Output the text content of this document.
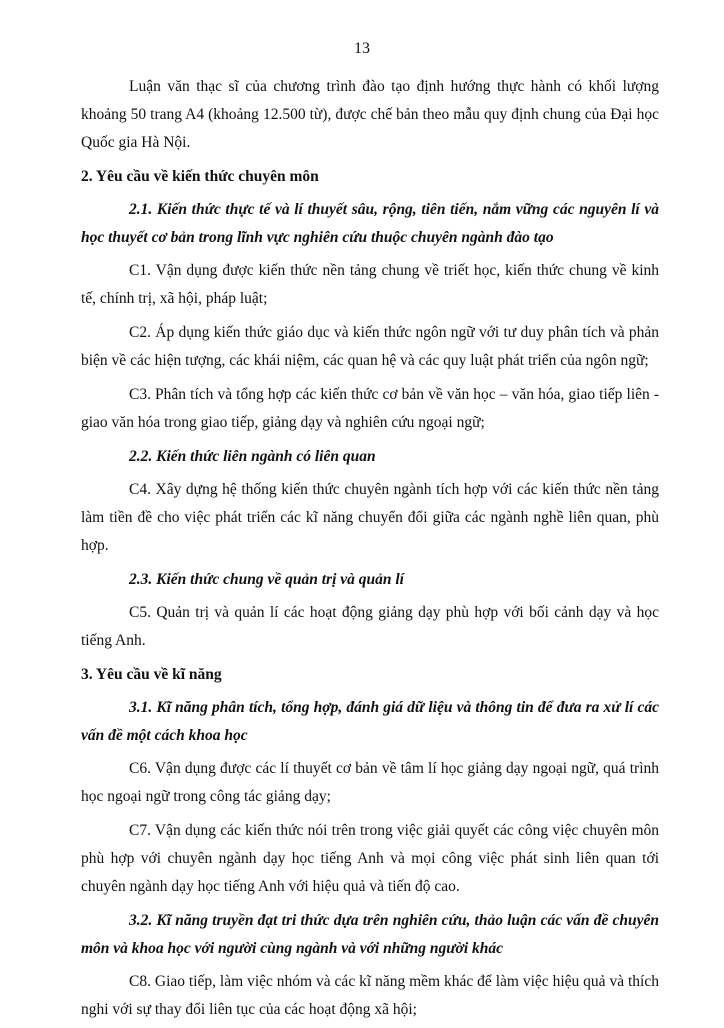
13

Luận văn thạc sĩ của chương trình đào tạo định hướng thực hành có khối lượng khoảng 50 trang A4 (khoảng 12.500 từ), được chế bản theo mẫu quy định chung của Đại học Quốc gia Hà Nội.

2. Yêu cầu về kiến thức chuyên môn

2.1. Kiến thức thực tế và lí thuyết sâu, rộng, tiên tiến, nắm vững các nguyên lí và học thuyết cơ bản trong lĩnh vực nghiên cứu thuộc chuyên ngành đào tạo

C1. Vận dụng được kiến thức nền tảng chung về triết học, kiến thức chung về kinh tế, chính trị, xã hội, pháp luật;

C2. Áp dụng kiến thức giáo dục và kiến thức ngôn ngữ với tư duy phân tích và phản biện về các hiện tượng, các khái niệm, các quan hệ và các quy luật phát triển của ngôn ngữ;

C3. Phân tích và tổng hợp các kiến thức cơ bản về văn học – văn hóa, giao tiếp liên - giao văn hóa trong giao tiếp, giảng dạy và nghiên cứu ngoại ngữ;

2.2. Kiến thức liên ngành có liên quan

C4. Xây dựng hệ thống kiến thức chuyên ngành tích hợp với các kiến thức nền tảng làm tiền đề cho việc phát triển các kĩ năng chuyển đổi giữa các ngành nghề liên quan, phù hợp.

2.3. Kiến thức chung về quản trị và quản lí

C5. Quản trị và quản lí các hoạt động giảng dạy phù hợp với bối cảnh dạy và học tiếng Anh.

3. Yêu cầu về kĩ năng

3.1. Kĩ năng phân tích, tổng hợp, đánh giá dữ liệu và thông tin để đưa ra xử lí các vấn đề một cách khoa học

C6. Vận dụng được các lí thuyết cơ bản về tâm lí học giảng dạy ngoại ngữ, quá trình học ngoại ngữ trong công tác giảng dạy;

C7. Vận dụng các kiến thức nói trên trong việc giải quyết các công việc chuyên môn phù hợp với chuyên ngành dạy học tiếng Anh và mọi công việc phát sinh liên quan tới chuyên ngành dạy học tiếng Anh với hiệu quả và tiến độ cao.

3.2. Kĩ năng truyền đạt tri thức dựa trên nghiên cứu, thảo luận các vấn đề chuyên môn và khoa học với người cùng ngành và với những người khác

C8. Giao tiếp, làm việc nhóm và các kĩ năng mềm khác để làm việc hiệu quả và thích nghi với sự thay đổi liên tục của các hoạt động xã hội;
